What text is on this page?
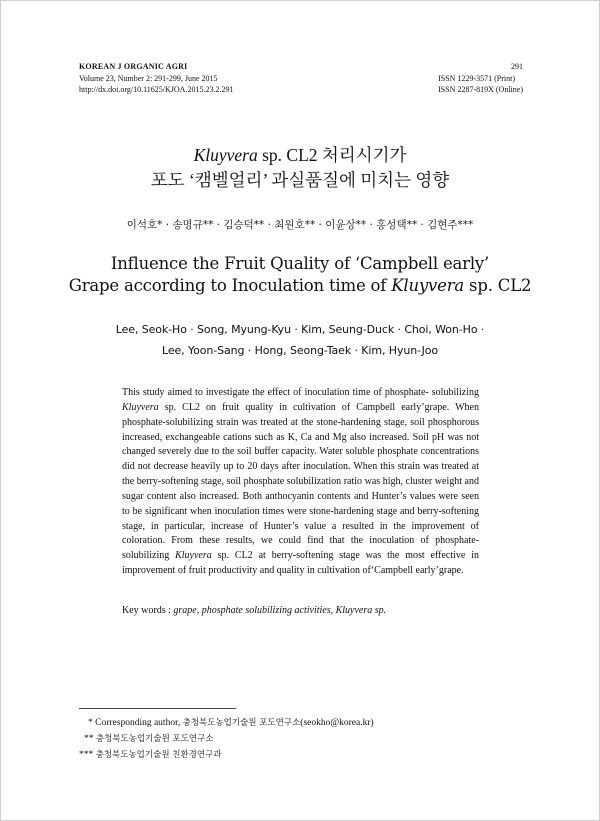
KOREAN J ORGANIC AGRI
Volume 23, Number 2: 291-299, June 2015
http://dx.doi.org/10.11625/KJOA.2015.23.2.291
291
ISSN 1229-3571 (Print)
ISSN 2287-819X (Online)
Kluyvera sp. CL2 처리시기가
포도 ‘캠벨얼리’ 과실품질에 미치는 영향
이석호* · 송명규** · 김승덕** · 최원호** · 이윤상** · 홍성택** · 김현주***
Influence the Fruit Quality of ‘Campbell early’
Grape according to Inoculation time of Kluyvera sp. CL2
Lee, Seok-Ho · Song, Myung-Kyu · Kim, Seung-Duck · Choi, Won-Ho ·
Lee, Yoon-Sang · Hong, Seong-Taek · Kim, Hyun-Joo

This study aimed to investigate the effect of inoculation time of phosphate- solubilizing Kluyvera sp. CL2 on fruit quality in cultivation of Campbell early’grape. When phosphate-solubilizing strain was treated at the stone-hardening stage, soil phosphorous increased, exchangeable cations such as K, Ca and Mg also increased. Soil pH was not changed severely due to the soil buffer capacity. Water soluble phosphate concentrations did not decrease heavily up to 20 days after inoculation. When this strain was treated at the berry-softening stage, soil phosphate solubilization ratio was high, cluster weight and sugar content also increased. Both anthocyanin contents and Hunter’s values were seen to be significant when inoculation times were stone-hardening stage and berry-softening stage, in particular, increase of Hunter’s value a resulted in the improvement of coloration. From these results, we could find that the inoculation of phosphate-solubilizing Kluyvera sp. CL2 at berry-softening stage was the most effective in improvement of fruit productivity and quality in cultivation of‘Campbell early’grape.

Key words : grape, phosphate solubilizing activities, Kluyvera sp.
* Corresponding author, 충청북도농업기술원 포도연구소(seokho@korea.kr)
** 충청북도농업기술원 포도연구소
*** 충청북도농업기술원 친환경연구과
